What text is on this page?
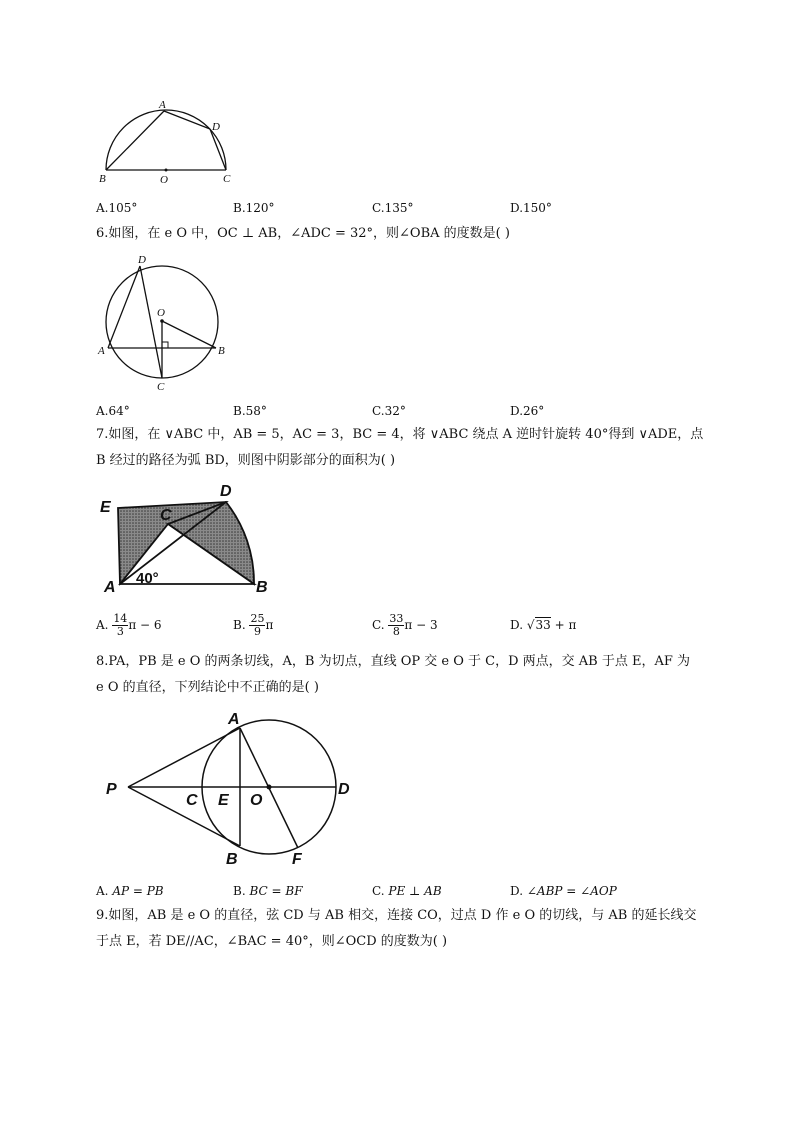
A
D
B	O	C
A.105°	B.120°	C.135°	D.150°
6.如图，在 e O 中，OC ⊥ AB，∠ADC = 32°，则∠OBA 的度数是( )
D
O
A	B
C
A.64°	B.58°	C.32°	D.26°
7.如图，在 ∨ABC 中，AB = 5，AC = 3，BC = 4，将 ∨ABC 绕点 A 逆时针旋转 40°得到 ∨ADE，点
B 经过的路径为弧 BD，则图中阴影部分的面积为( )
E
D
C
A	B
40°
A. $\frac{14}{3}$ π − 6	B. $\frac{25}{9}$ π	C. $\frac{33}{8}$ π − 3	D. √33 + π
8.PA，PB 是 e O 的两条切线，A，B 为切点，直线 OP 交 e O 于 C，D 两点，交 AB 于点 E，AF 为
e O 的直径，下列结论中不正确的是( )
A
P
C E O
D
B	F
A. AP = PB	B. BC = BF	C. PE ⊥ AB	D. ∠ABP = ∠AOP
9.如图，AB 是 e O 的直径，弦 CD 与 AB 相交，连接 CO，过点 D 作 e O 的切线，与 AB 的延长线交
于点 E，若 DE//AC，∠BAC = 40°，则∠OCD 的度数为( )
